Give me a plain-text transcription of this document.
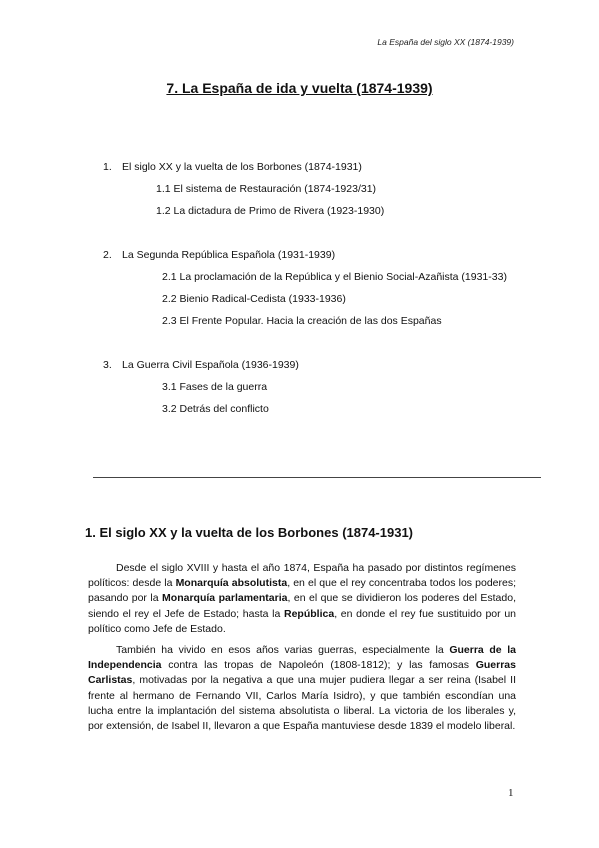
La España del siglo XX (1874-1939)
7. La España de ida y vuelta (1874-1939)
1. El siglo XX y la vuelta de los Borbones (1874-1931)
1.1 El sistema de Restauración (1874-1923/31)
1.2 La dictadura de Primo de Rivera (1923-1930)
2. La Segunda República Española (1931-1939)
2.1 La proclamación de la República y el Bienio Social-Azañista (1931-33)
2.2 Bienio Radical-Cedista (1933-1936)
2.3 El Frente Popular. Hacia la creación de las dos Españas
3. La Guerra Civil Española (1936-1939)
3.1 Fases de la guerra
3.2 Detrás del conflicto
1. El siglo XX y la vuelta de los Borbones (1874-1931)

Desde el siglo XVIII y hasta el año 1874, España ha pasado por distintos regímenes políticos: desde la Monarquía absolutista, en el que el rey concentraba todos los poderes; pasando por la Monarquía parlamentaria, en el que se dividieron los poderes del Estado, siendo el rey el Jefe de Estado; hasta la República, en donde el rey fue sustituido por un político como Jefe de Estado.

También ha vivido en esos años varias guerras, especialmente la Guerra de la Independencia contra las tropas de Napoleón (1808-1812); y las famosas Guerras Carlistas, motivadas por la negativa a que una mujer pudiera llegar a ser reina (Isabel II frente al hermano de Fernando VII, Carlos María Isidro), y que también escondían una lucha entre la implantación del sistema absolutista o liberal. La victoria de los liberales y, por extensión, de Isabel II, llevaron a que España mantuviese desde 1839 el modelo liberal.

1
